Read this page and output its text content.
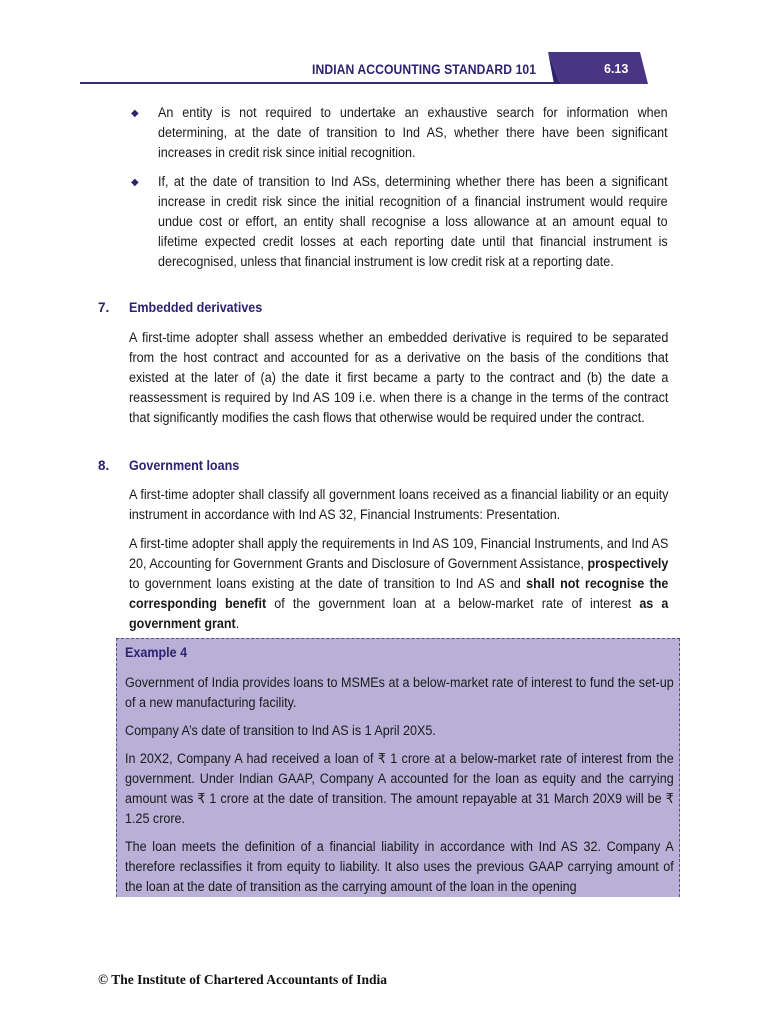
INDIAN ACCOUNTING STANDARD 101	6.13
◆ An entity is not required to undertake an exhaustive search for information when determining, at the date of transition to Ind AS, whether there have been significant increases in credit risk since initial recognition.
◆ If, at the date of transition to Ind ASs, determining whether there has been a significant increase in credit risk since the initial recognition of a financial instrument would require undue cost or effort, an entity shall recognise a loss allowance at an amount equal to lifetime expected credit losses at each reporting date until that financial instrument is derecognised, unless that financial instrument is low credit risk at a reporting date.
7. Embedded derivatives
A first-time adopter shall assess whether an embedded derivative is required to be separated from the host contract and accounted for as a derivative on the basis of the conditions that existed at the later of (a) the date it first became a party to the contract and (b) the date a reassessment is required by Ind AS 109 i.e. when there is a change in the terms of the contract that significantly modifies the cash flows that otherwise would be required under the contract.
8. Government loans
A first-time adopter shall classify all government loans received as a financial liability or an equity instrument in accordance with Ind AS 32, Financial Instruments: Presentation.
A first-time adopter shall apply the requirements in Ind AS 109, Financial Instruments, and Ind AS 20, Accounting for Government Grants and Disclosure of Government Assistance, prospectively to government loans existing at the date of transition to Ind AS and shall not recognise the corresponding benefit of the government loan at a below-market rate of interest as a government grant.
Example 4
Government of India provides loans to MSMEs at a below-market rate of interest to fund the set-up of a new manufacturing facility.
Company A’s date of transition to Ind AS is 1 April 20X5.
In 20X2, Company A had received a loan of ₹ 1 crore at a below-market rate of interest from the government. Under Indian GAAP, Company A accounted for the loan as equity and the carrying amount was ₹ 1 crore at the date of transition. The amount repayable at 31 March 20X9 will be ₹ 1.25 crore.
The loan meets the definition of a financial liability in accordance with Ind AS 32. Company A therefore reclassifies it from equity to liability. It also uses the previous GAAP carrying amount of the loan at the date of transition as the carrying amount of the loan in the opening
© The Institute of Chartered Accountants of India
